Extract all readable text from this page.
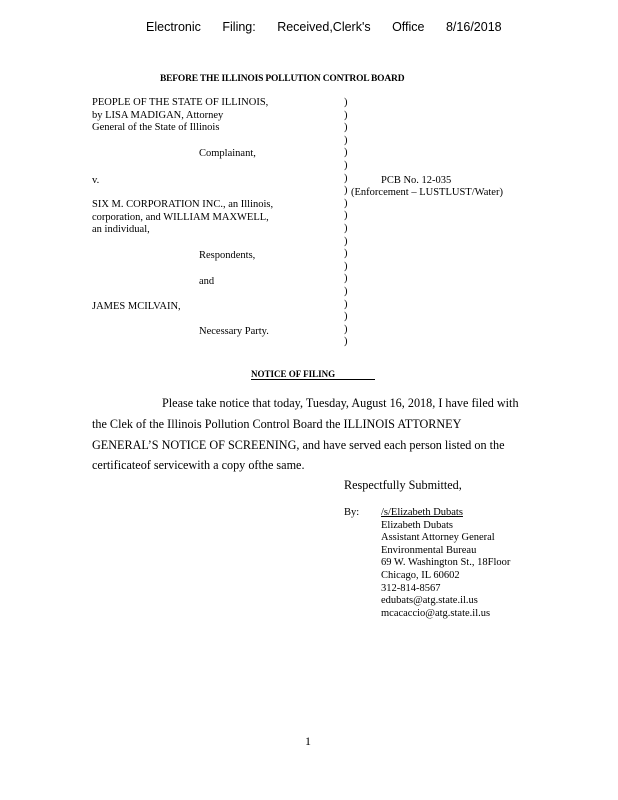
Electronic Filing: Received,Clerk's Office 8/16/2018
BEFORE THE ILLINOIS POLLUTION CONTROL BOARD
PEOPLE OF THE STATE OF ILLINOIS,
by LISA MADIGAN, Attorney
General of the State of Illinois
Complainant,
v.
SIX M. CORPORATION INC., an Illinois,
corporation, and WILLIAM MAXWELL,
an individual,
Respondents,
and
JAMES MCILVAIN,
Necessary Party.
)
)
)
)
)
)
)
)
)
)
)
)
)
)
)
)
)
)
)
)
PCB No. 12-035
(Enforcement – LUSTLUST/Water)
NOTICE OF FILING

Please take notice that today, Tuesday, August 16, 2018, I have filed with

the Clek of the Illinois Pollution Control Board the ILLINOIS ATTORNEY

GENERAL’S NOTICE OF SCREENING, and have served each person listed on the

certificateof servicewith a copy ofthe same.

Respectfully Submitted,
By: /s/Elizabeth Dubats
Elizabeth Dubats
Assistant Attorney General
Environmental Bureau
69 W. Washington St., 18Floor
Chicago, IL 60602
312-814-8567
edubats@atg.state.il.us
mcacaccio@atg.state.il.us
1
